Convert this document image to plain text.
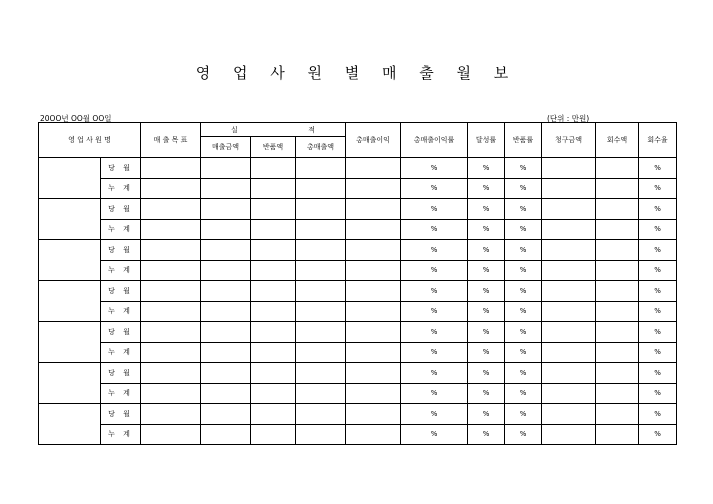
영 업 사 원 별 매 출 월 보
20OO년 OO월 OO일	(단위 : 만원)
영 업 사 원 명		매 출 목 표	실 적			총매출이익	총매출이익률	달성률	반품률	청구금액	회수액	회수율
			매출금액	반품액	총매출액							
	당 월						%	%	%			%
	누 계						%	%	%			%
	당 월						%	%	%			%
	누 계						%	%	%			%
	당 월						%	%	%			%
	누 계						%	%	%			%
	당 월						%	%	%			%
	누 계						%	%	%			%
	당 월						%	%	%			%
	누 계						%	%	%			%
	당 월						%	%	%			%
	누 계						%	%	%			%
	당 월						%	%	%			%
	누 계						%	%	%			%
